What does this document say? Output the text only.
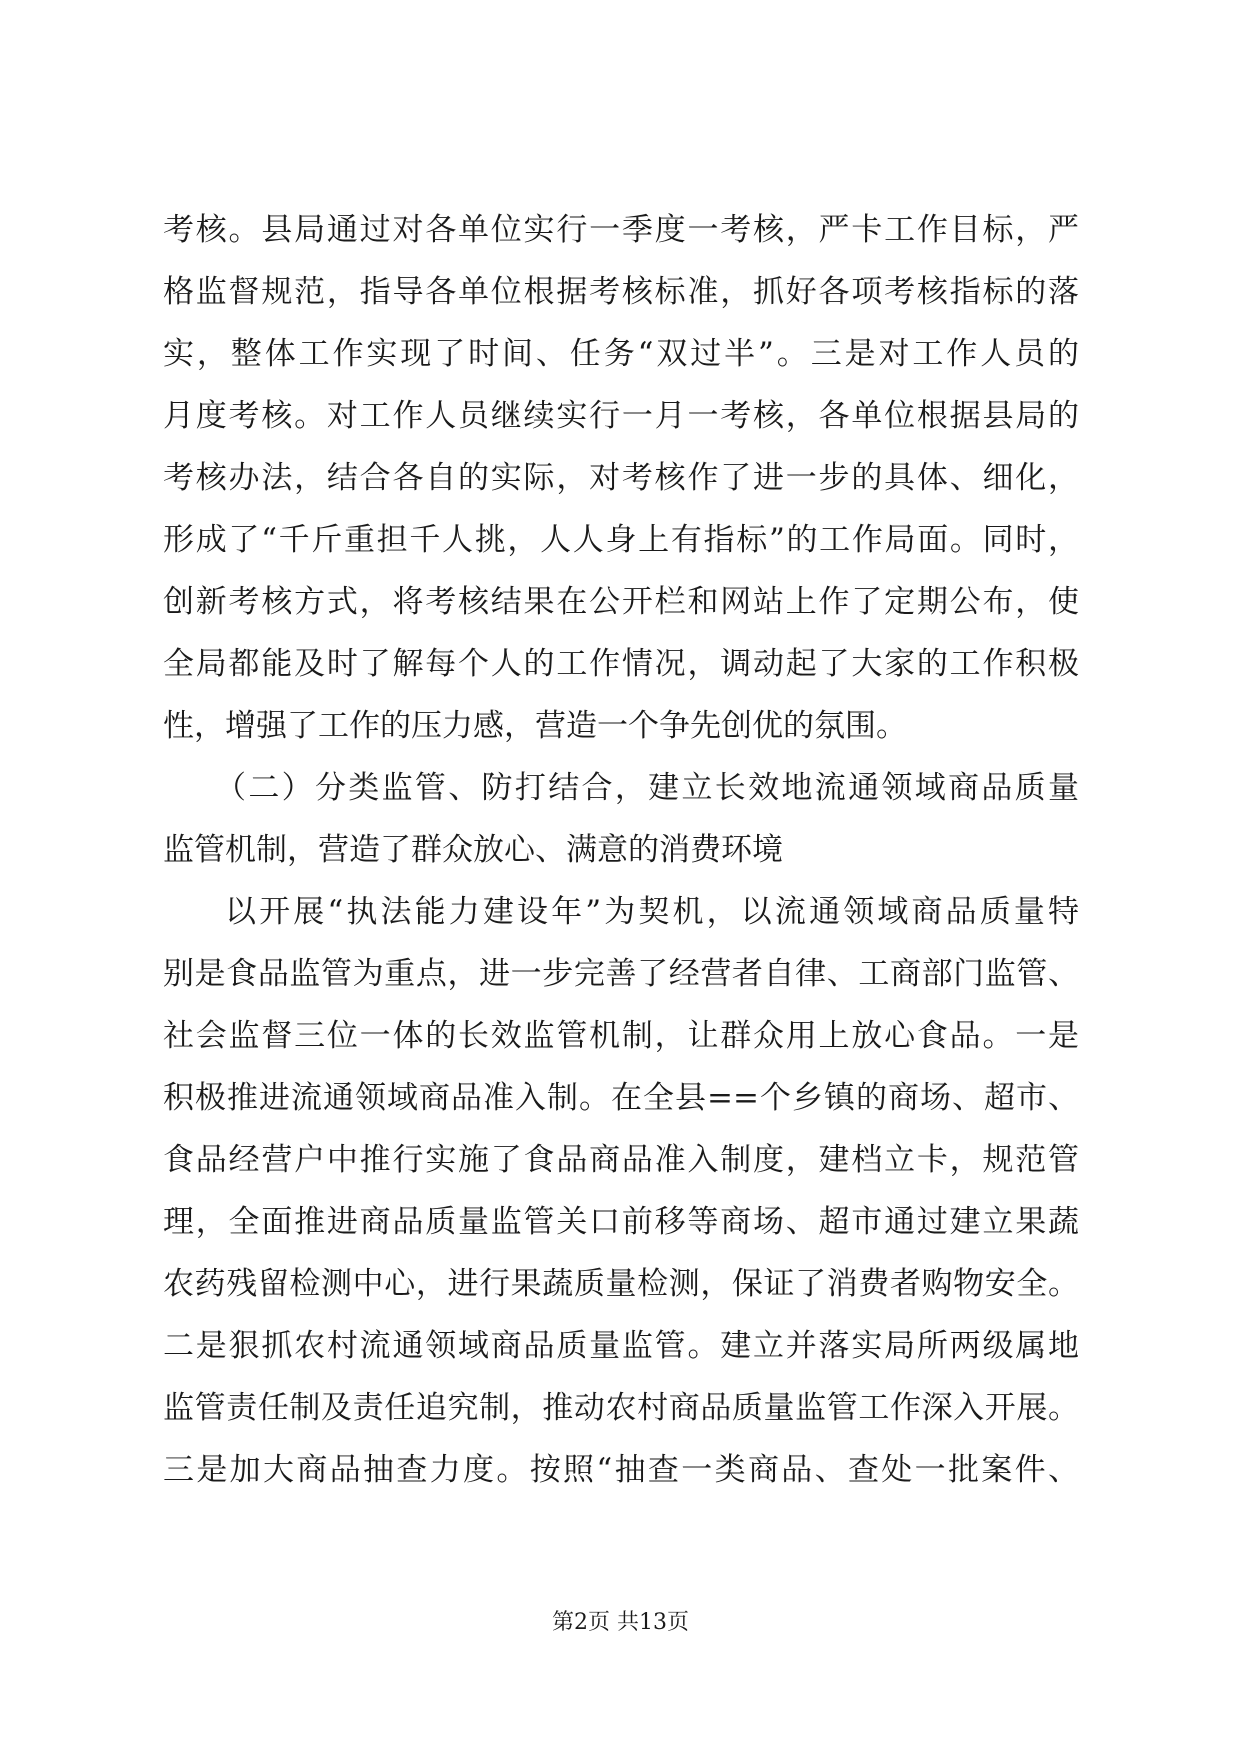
考核。县局通过对各单位实行一季度一考核，严卡工作目标，严
格监督规范，指导各单位根据考核标准，抓好各项考核指标的落
实，整体工作实现了时间、任务“双过半”。三是对工作人员的
月度考核。对工作人员继续实行一月一考核，各单位根据县局的
考核办法，结合各自的实际，对考核作了进一步的具体、细化，
形成了“千斤重担千人挑，人人身上有指标”的工作局面。同时，
创新考核方式，将考核结果在公开栏和网站上作了定期公布，使
全局都能及时了解每个人的工作情况，调动起了大家的工作积极
性，增强了工作的压力感，营造一个争先创优的氛围。
（二）分类监管、防打结合，建立长效地流通领域商品质量
监管机制，营造了群众放心、满意的消费环境
以开展“执法能力建设年”为契机，以流通领域商品质量特
别是食品监管为重点，进一步完善了经营者自律、工商部门监管、
社会监督三位一体的长效监管机制，让群众用上放心食品。一是
积极推进流通领域商品准入制。在全县==个乡镇的商场、超市、
食品经营户中推行实施了食品商品准入制度，建档立卡，规范管
理，全面推进商品质量监管关口前移等商场、超市通过建立果蔬
农药残留检测中心，进行果蔬质量检测，保证了消费者购物安全。
二是狠抓农村流通领域商品质量监管。建立并落实局所两级属地
监管责任制及责任追究制，推动农村商品质量监管工作深入开展。
三是加大商品抽查力度。按照“抽查一类商品、查处一批案件、
第2页 共13页
